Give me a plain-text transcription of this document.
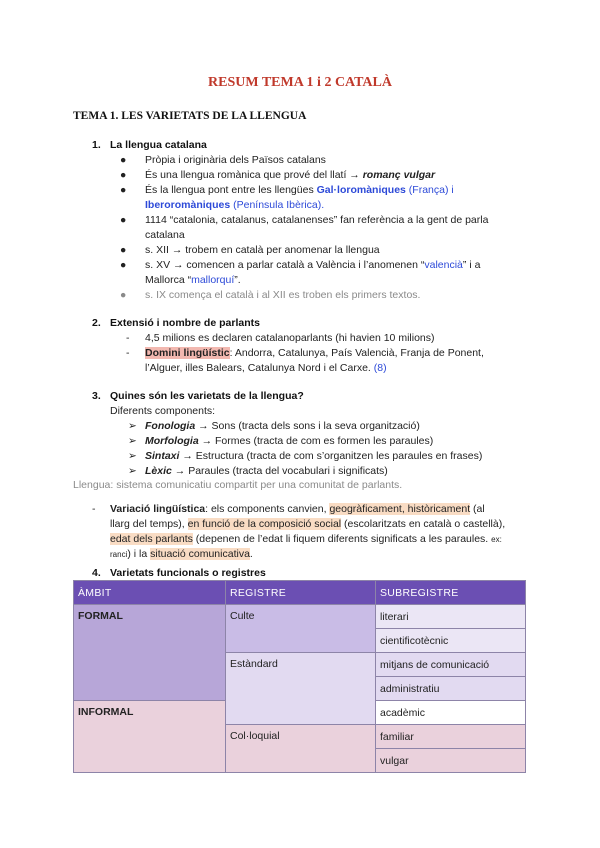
RESUM TEMA 1 i 2 CATALÀ
TEMA 1. LES VARIETATS DE LA LLENGUA
1. La llengua catalana
● Pròpia i originària dels Països catalans
● És una llengua romànica que prové del llatí → romanç vulgar
● És la llengua pont entre les llengües Gal·loromàniques (França) i
Iberoromàniques (Península Ibèrica).
● 1114 “catalonia, catalanus, catalanenses” fan referència a la gent de parla
catalana
● s. XII → trobem en català per anomenar la llengua
● s. XV → comencen a parlar català a València i l’anomenen “valencià” i a
Mallorca “mallorquí”.
● s. IX comença el català i al XII es troben els primers textos.
2. Extensió i nombre de parlants
- 4,5 milions es declaren catalanoparlants (hi havien 10 milions)
- Domini lingüístic: Andorra, Catalunya, País Valencià, Franja de Ponent,
l’Alguer, illes Balears, Catalunya Nord i el Carxe. (8)
3. Quines són les varietats de la llengua?
Diferents components:
➢ Fonologia → Sons (tracta dels sons i la seva organització)
➢ Morfologia → Formes (tracta de com es formen les paraules)
➢ Sintaxi → Estructura (tracta de com s’organitzen les paraules en frases)
➢ Lèxic → Paraules (tracta del vocabulari i significats)
Llengua: sistema comunicatiu compartit per una comunitat de parlants.
- Variació lingüística: els components canvien, geogràficament, històricament (al
llarg del temps), en funció de la composició social (escolaritzats en català o castellà),
edat dels parlants (depenen de l’edat li fiquem diferents significats a les paraules. ex:
ranci) i la situació comunicativa.
4. Varietats funcionals o registres
ÀMBIT	REGISTRE	SUBREGISTRE
FORMAL	Culte	literari
		cientificotècnic
	Estàndard	mitjans de comunicació
		administratiu
INFORMAL		acadèmic
	Col·loquial	familiar
		vulgar
